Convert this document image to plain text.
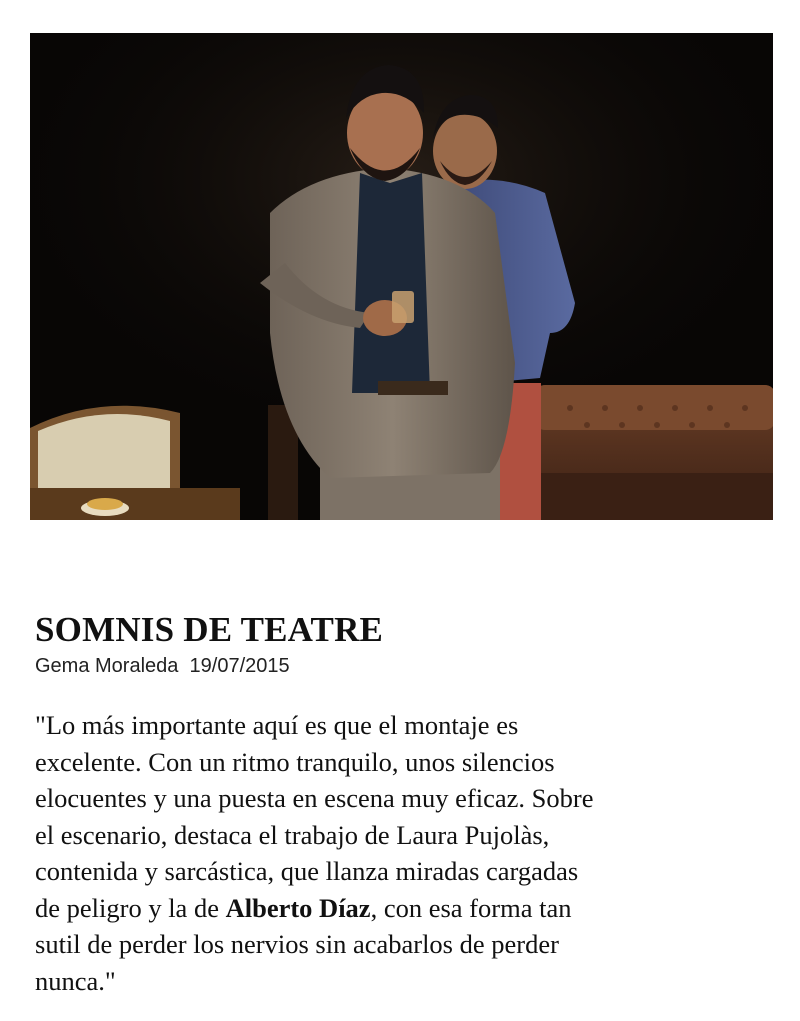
SOMNIS DE TEATRE
Gema Moraleda 19/07/2015

"Lo más importante aquí es que el montaje es
excelente. Con un ritmo tranquilo, unos silencios
elocuentes y una puesta en escena muy eficaz. Sobre
el escenario, destaca el trabajo de Laura Pujolàs,
contenida y sarcástica, que llanza miradas cargadas
de peligro y la de Alberto Díaz, con esa forma tan
sutil de perder los nervios sin acabarlos de perder
nunca."
